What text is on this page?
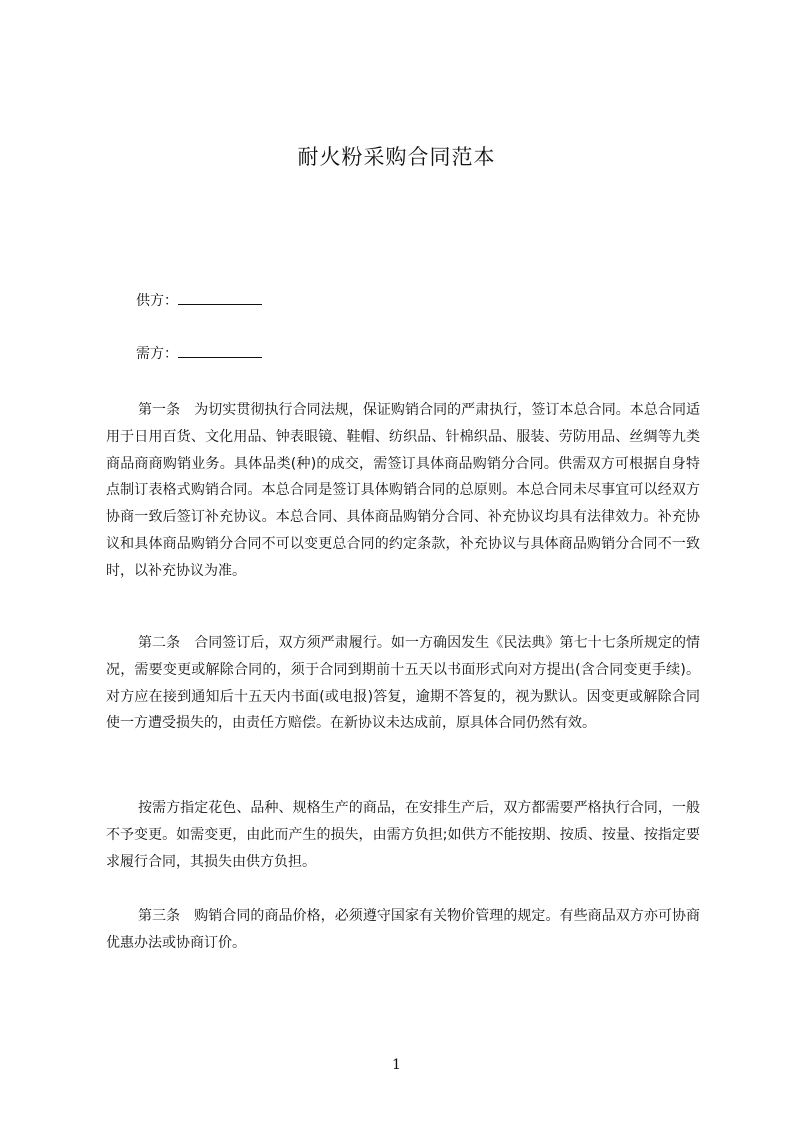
耐火粉采购合同范本
供方：
需方：

第一条　为切实贯彻执行合同法规，保证购销合同的严肃执行，签订本总合同。本总合同适用于日用百货、文化用品、钟表眼镜、鞋帽、纺织品、针棉织品、服装、劳防用品、丝绸等九类商品商商购销业务。具体品类(种)的成交，需签订具体商品购销分合同。供需双方可根据自身特点制订表格式购销合同。本总合同是签订具体购销合同的总原则。本总合同未尽事宜可以经双方协商一致后签订补充协议。本总合同、具体商品购销分合同、补充协议均具有法律效力。补充协议和具体商品购销分合同不可以变更总合同的约定条款，补充协议与具体商品购销分合同不一致时，以补充协议为准。

第二条　合同签订后，双方须严肃履行。如一方确因发生《民法典》第七十七条所规定的情况，需要变更或解除合同的，须于合同到期前十五天以书面形式向对方提出(含合同变更手续)。对方应在接到通知后十五天内书面(或电报)答复，逾期不答复的，视为默认。因变更或解除合同使一方遭受损失的，由责任方赔偿。在新协议未达成前，原具体合同仍然有效。

按需方指定花色、品种、规格生产的商品，在安排生产后，双方都需要严格执行合同，一般不予变更。如需变更，由此而产生的损失，由需方负担;如供方不能按期、按质、按量、按指定要求履行合同，其损失由供方负担。

第三条　购销合同的商品价格，必须遵守国家有关物价管理的规定。有些商品双方亦可协商优惠办法或协商订价。

1
